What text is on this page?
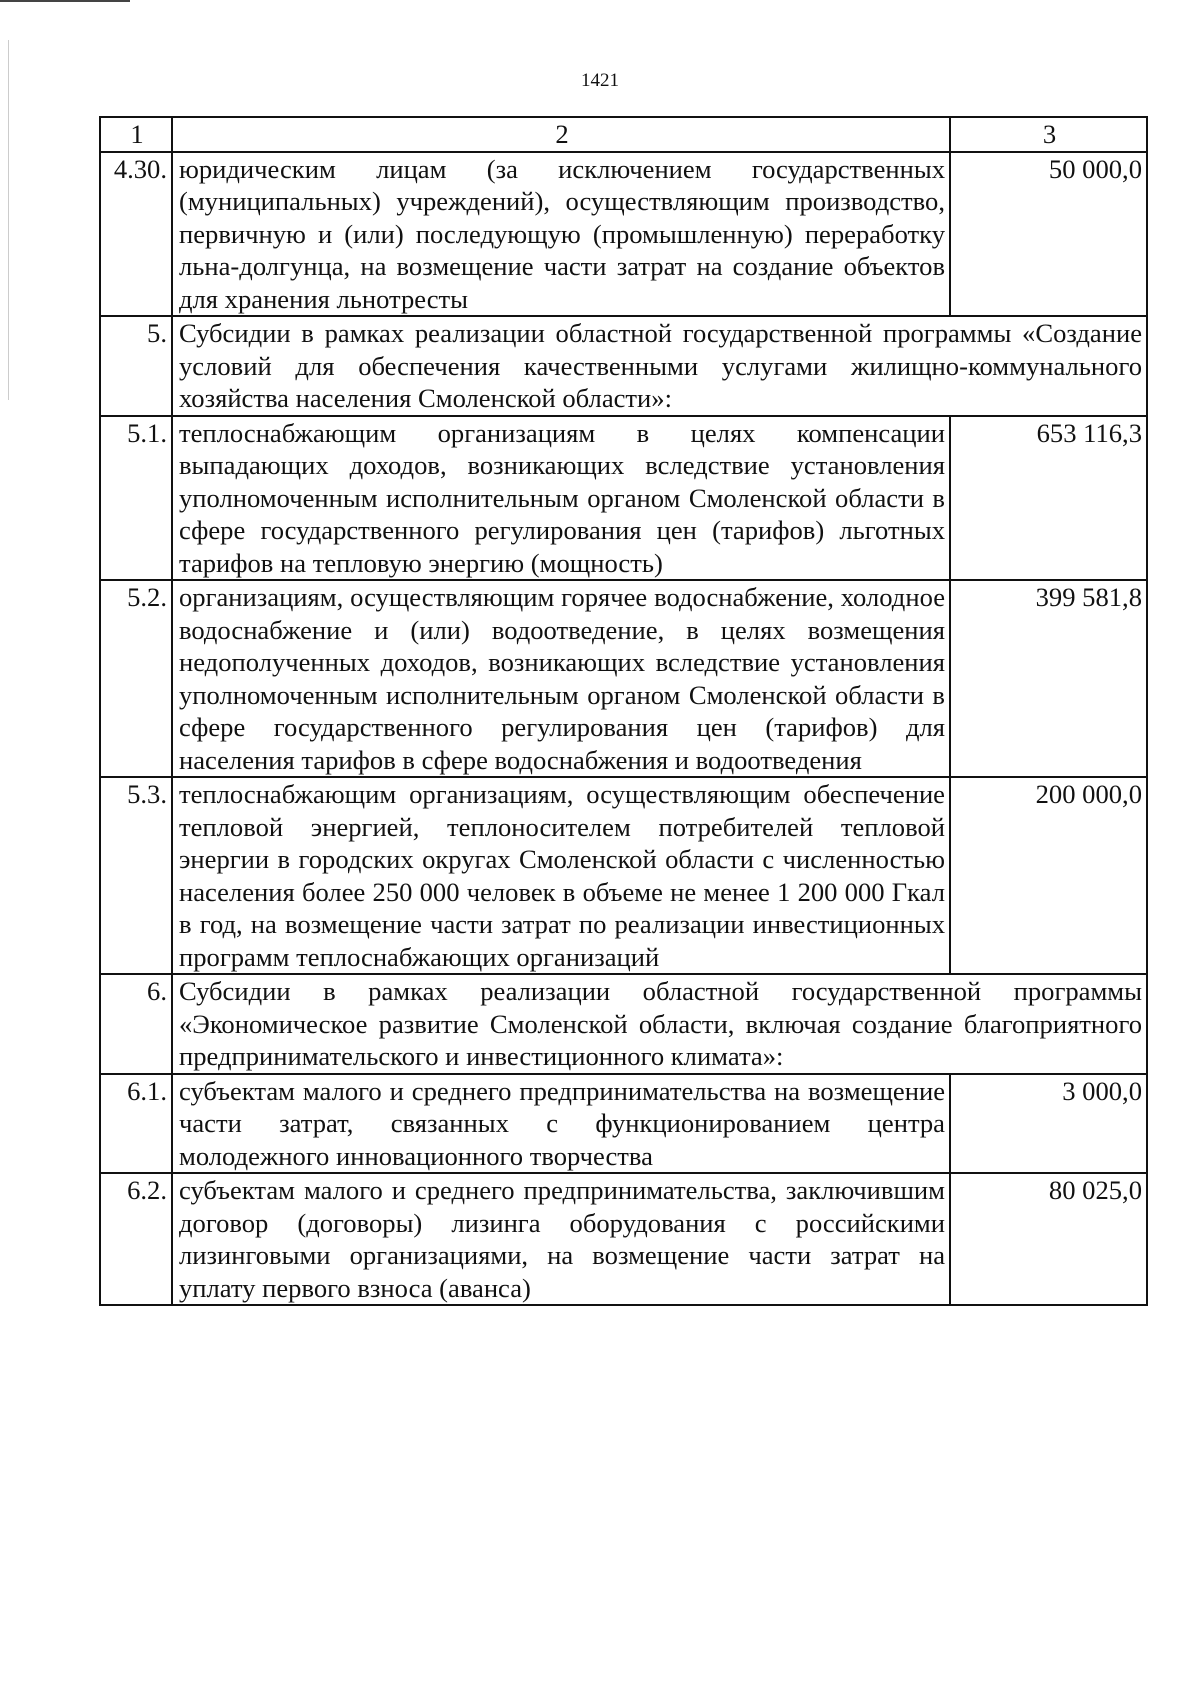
1421
1	2	3
4.30.	юридическим лицам (за исключением государственных (муниципальных) учреждений), осуществляющим производство, первичную и (или) последующую (промышленную) переработку льна-долгунца, на возмещение части затрат на создание объектов для хранения льнотресты	50 000,0
5.	Субсидии в рамках реализации областной государственной программы «Создание условий для обеспечения качественными услугами жилищно-коммунального хозяйства населения Смоленской области»:	
5.1.	теплоснабжающим организациям в целях компенсации выпадающих доходов, возникающих вследствие установления уполномоченным исполнительным органом Смоленской области в сфере государственного регулирования цен (тарифов) льготных тарифов на тепловую энергию (мощность)	653 116,3
5.2.	организациям, осуществляющим горячее водоснабжение, холодное водоснабжение и (или) водоотведение, в целях возмещения недополученных доходов, возникающих вследствие установления уполномоченным исполнительным органом Смоленской области в сфере государственного регулирования цен (тарифов) для населения тарифов в сфере водоснабжения и водоотведения	399 581,8
5.3.	теплоснабжающим организациям, осуществляющим обеспечение тепловой энергией, теплоносителем потребителей тепловой энергии в городских округах Смоленской области с численностью населения более 250 000 человек в объеме не менее 1 200 000 Гкал в год, на возмещение части затрат по реализации инвестиционных программ теплоснабжающих организаций	200 000,0
6.	Субсидии в рамках реализации областной государственной программы «Экономическое развитие Смоленской области, включая создание благоприятного предпринимательского и инвестиционного климата»:	
6.1.	субъектам малого и среднего предпринимательства на возмещение части затрат, связанных с функционированием центра молодежного инновационного творчества	3 000,0
6.2.	субъектам малого и среднего предпринимательства, заключившим договор (договоры) лизинга оборудования с российскими лизинговыми организациями, на возмещение части затрат на уплату первого взноса (аванса)	80 025,0
